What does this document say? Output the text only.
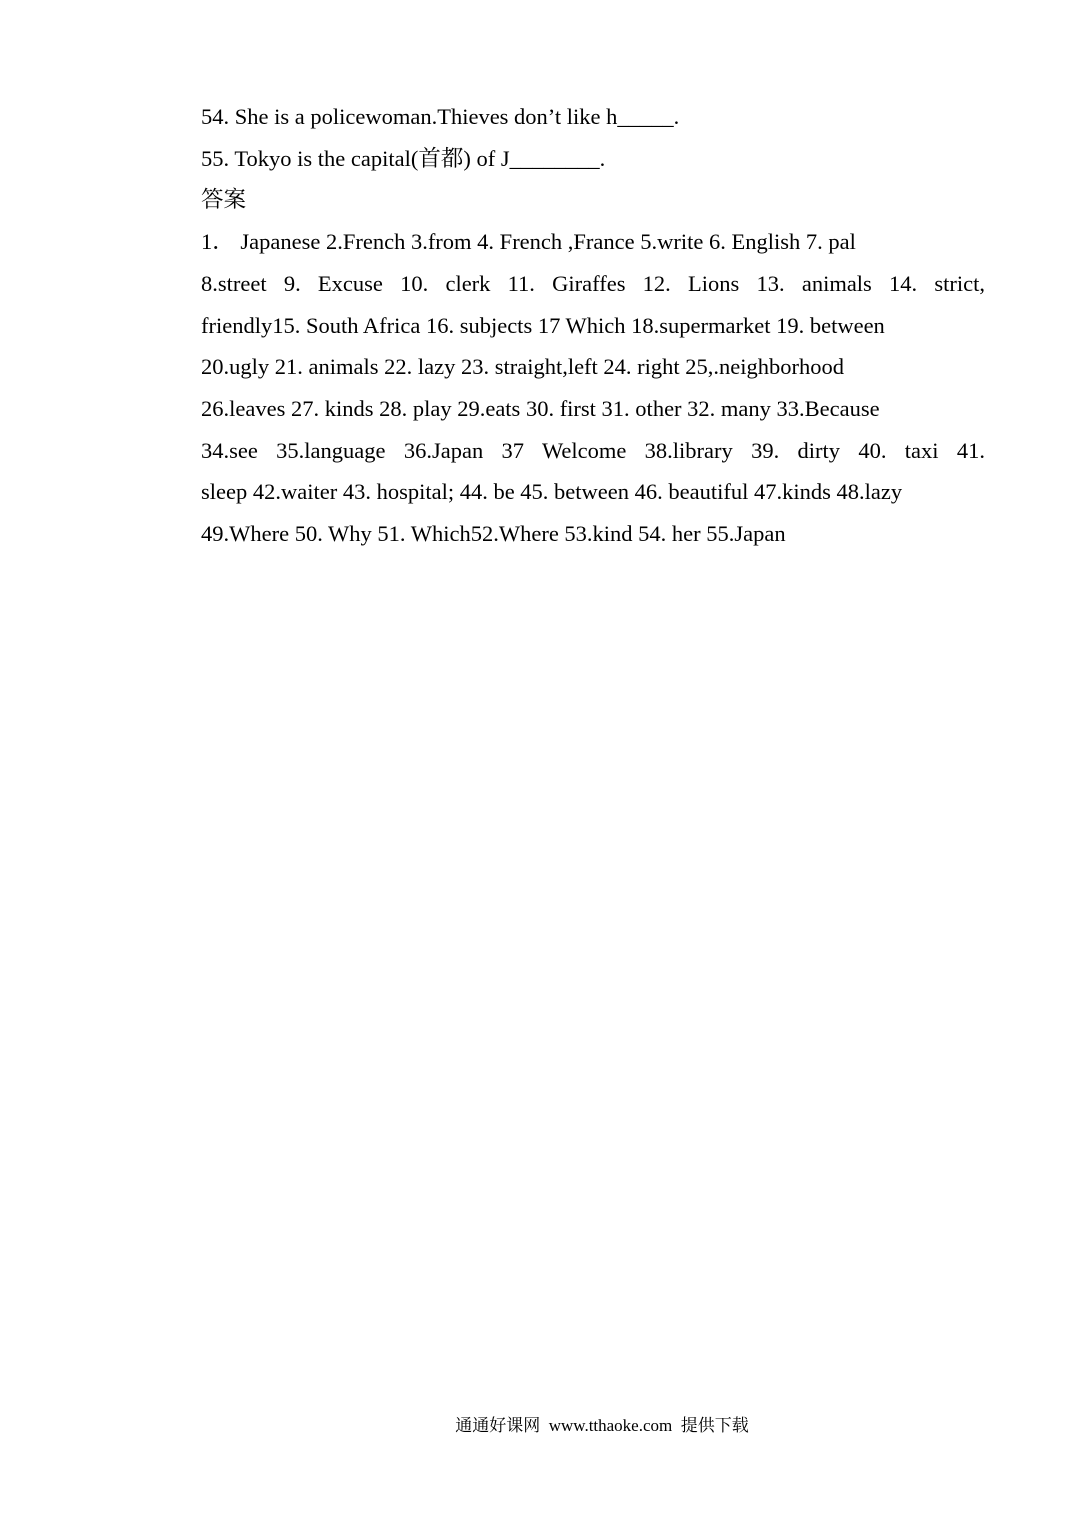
54. She is a policewoman.Thieves don’t like h_____.
55. Tokyo is the capital(首都) of J________.
答案
1． Japanese 2.French 3.from 4. French ,France 5.write 6. English 7. pal
8.street 9. Excuse 10. clerk 11. Giraffes 12. Lions 13. animals 14. strict,
friendly15. South Africa 16. subjects 17 Which 18.supermarket 19. between
20.ugly 21. animals 22. lazy 23. straight,left 24. right 25,.neighborhood
26.leaves 27. kinds 28. play 29.eats 30. first 31. other 32. many 33.Because
34.see 35.language 36.Japan 37 Welcome 38.library 39. dirty 40. taxi 41.
sleep 42.waiter 43. hospital; 44. be 45. between 46. beautiful 47.kinds 48.lazy
49.Where 50. Why 51. Which52.Where 53.kind 54. her 55.Japan

通通好课网  www.tthaoke.com  提供下载
